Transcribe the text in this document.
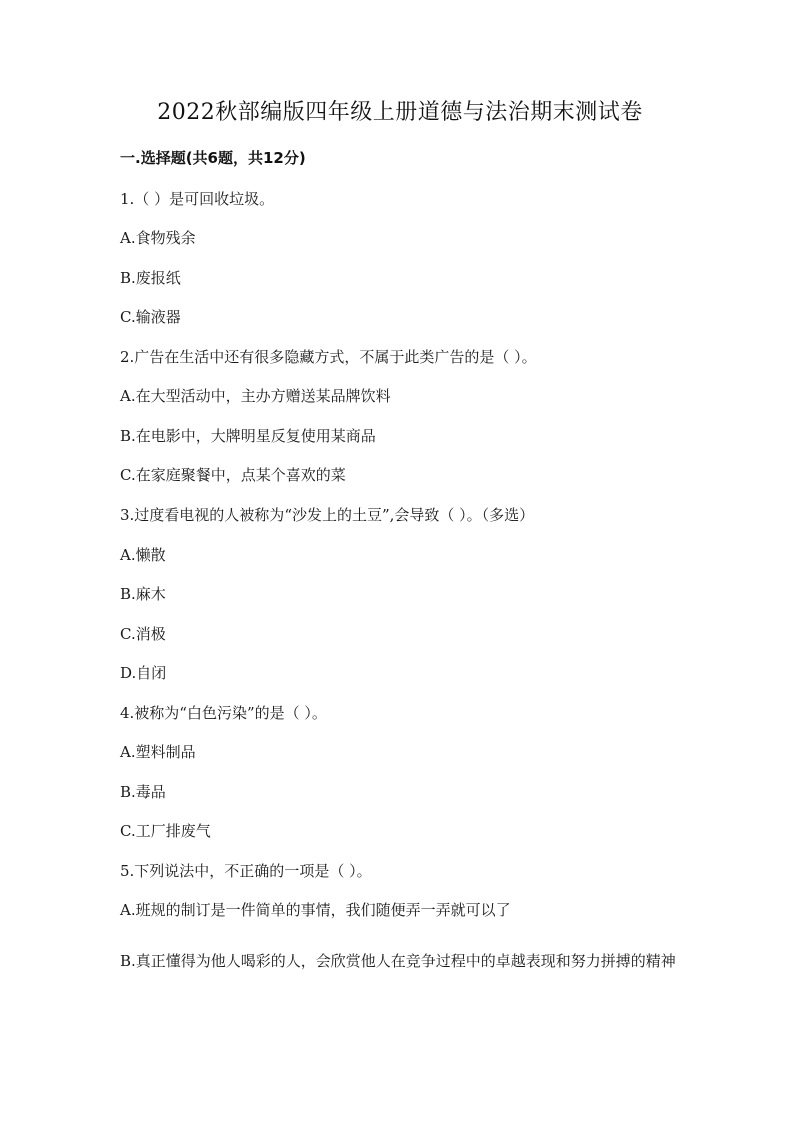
2022秋部编版四年级上册道德与法治期末测试卷
一.选择题(共6题，共12分)
1.（ ）是可回收垃圾。
A.食物残余
B.废报纸
C.输液器
2.广告在生活中还有很多隐藏方式，不属于此类广告的是（ ）。
A.在大型活动中，主办方赠送某品牌饮料
B.在电影中，大牌明星反复使用某商品
C.在家庭聚餐中，点某个喜欢的菜
3.过度看电视的人被称为“沙发上的土豆”,会导致（ ）。（多选）
A.懒散
B.麻木
C.消极
D.自闭
4.被称为“白色污染”的是（ ）。
A.塑料制品
B.毒品
C.工厂排废气
5.下列说法中，不正确的一项是（ ）。
A.班规的制订是一件简单的事情，我们随便弄一弄就可以了
B.真正懂得为他人喝彩的人，会欣赏他人在竞争过程中的卓越表现和努力拼搏的精神
